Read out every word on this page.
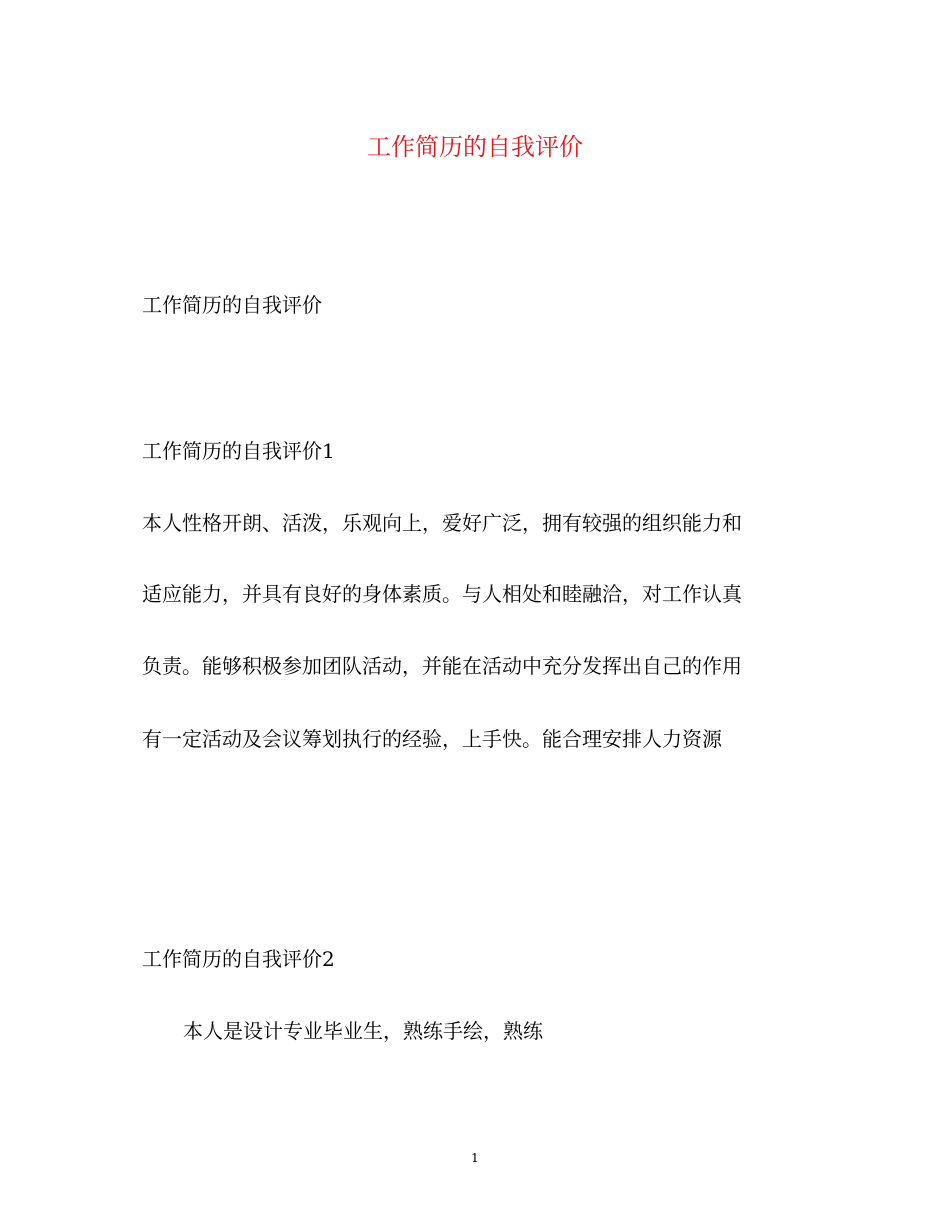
工作简历的自我评价
工作简历的自我评价
工作简历的自我评价1
本人性格开朗、活泼，乐观向上，爱好广泛，拥有较强的组织能力和
适应能力，并具有良好的身体素质。与人相处和睦融洽，对工作认真
负责。能够积极参加团队活动，并能在活动中充分发挥出自己的作用
有一定活动及会议筹划执行的经验，上手快。能合理安排人力资源
工作简历的自我评价2
本人是设计专业毕业生，熟练手绘，熟练
1
